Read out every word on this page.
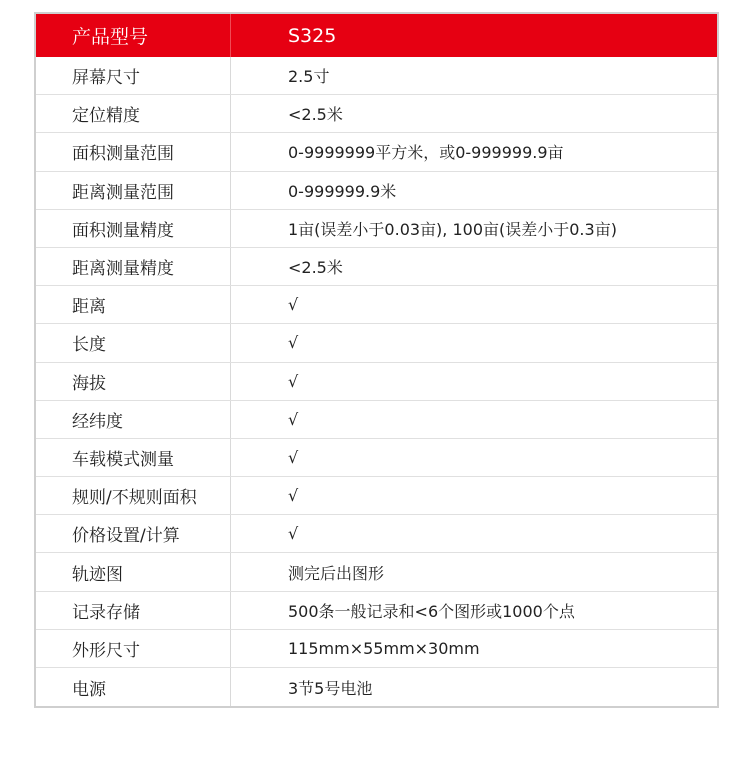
产品型号	S325
屏幕尺寸	2.5寸
定位精度	<2.5米
面积测量范围	0-9999999平方米，或0-999999.9亩
距离测量范围	0-999999.9米
面积测量精度	1亩(误差小于0.03亩), 100亩(误差小于0.3亩)
距离测量精度	<2.5米
距离	√
长度	√
海拔	√
经纬度	√
车载模式测量	√
规则/不规则面积	√
价格设置/计算	√
轨迹图	测完后出图形
记录存储	500条一般记录和<6个图形或1000个点
外形尺寸	115mm×55mm×30mm
电源	3节5号电池
